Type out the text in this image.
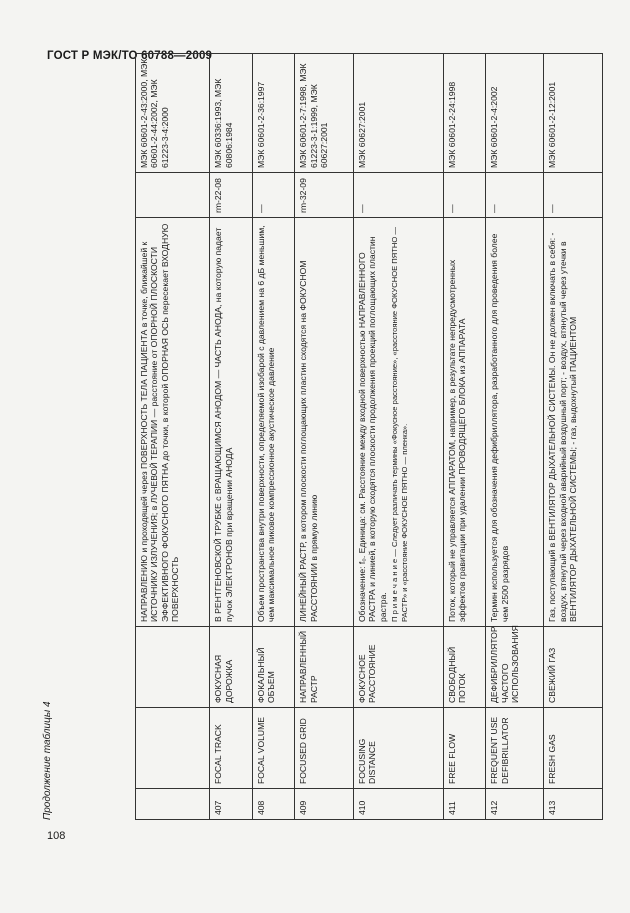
ГОСТ Р МЭК/ТО 60788—2009
Продолжение таблицы 4
108
			НАПРАВЛЕНИЮ и проходящей через ПОВЕРХНОСТЬ ТЕЛА ПАЦИЕНТА в точке, ближайшей к ИСТОЧНИКУ ИЗЛУЧЕНИЯ; в ЛУЧЕВОЙ ТЕРАПИИ — расстояние от ОПОРНОЙ ПЛОСКОСТИ ЭФФЕКТИВНОГО ФОКУСНОГО ПЯТНА до точки, в которой ОПОРНАЯ ОСЬ пересекает ВХОДНУЮ ПОВЕРХНОСТЬ		МЭК 60601-2-43:2000, МЭК 60601-2-44:2002, МЭК 61223-3-4:2000
407	FOCAL TRACK	ФОКУСНАЯ ДОРОЖКА	В РЕНТГЕНОВСКОЙ ТРУБКЕ с ВРАЩАЮЩИМСЯ АНОДОМ — ЧАСТЬ АНОДА, на которую падает пучок ЭЛЕКТРОНОВ при вращении АНОДА	rm-22-08	МЭК 60336:1993, МЭК 60806:1984
408	FOCAL VOLUME	ФОКАЛЬНЫЙ ОБЪЕМ	Объем пространства внутри поверхности, определяемой изобарой с давлением на 6 дБ меньшим, чем максимальное пиковое компрессионное акустическое давление	—	МЭК 60601-2-36:1997
409	FOCUSED GRID	НАПРАВЛЕННЫЙ РАСТР	ЛИНЕЙНЫЙ РАСТР, в котором плоскости поглощающих пластин сходятся на ФОКУСНОМ РАССТОЯНИИ в прямую линию	rm-32-09	МЭК 60601-2-7:1998, МЭК 61223-3-1:1999, МЭК 60627:2001
410	FOCUSING DISTANCE	ФОКУСНОЕ РАССТОЯНИЕ	Обозначение: f₀. Единица: см. Расстояние между входной поверхностью НАПРАВЛЕННОГО РАСТРА и линией, в которую сходятся плоскости продолжения проекций поглощающих пластин растра. П р и м е ч а н и е — Следует различать термины «Фокусное расстояние», «расстояние ФОКУСНОЕ ПЯТНО — РАСТР» и «расстояние ФОКУСНОЕ ПЯТНО — пленка».	—	МЭК 60627:2001
411	FREE FLOW	СВОБОДНЫЙ ПОТОК	Поток, который не управляется АППАРАТОМ, например, в результате непредусмотренных эффектов гравитации при удалении ПРОВОДЯЩЕГО БЛОКА из АППАРАТА	—	МЭК 60601-2-24:1998
412	FREQUENT USE DEFIBRILLATOR	ДЕФИБРИЛЛЯТОР ЧАСТОГО ИСПОЛЬЗОВАНИЯ	Термин используется для обозначения дефибриллятора, разработанного для проведения более чем 2500 разрядов	—	МЭК 60601-2-4:2002
413	FRESH GAS	СВЕЖИЙ ГАЗ	Газ, поступающий в ВЕНТИЛЯТОР ДЫХАТЕЛЬНОЙ СИСТЕМЫ. Он не должен включать в себя: - воздух, втянутый через входной аварийный воздушный порт; - воздух, втянутый через утечки в ВЕНТИЛЯТОР ДЫХАТЕЛЬНОЙ СИСТЕМЫ; - газ, выдохнутый ПАЦИЕНТОМ	—	МЭК 60601-2-12:2001
